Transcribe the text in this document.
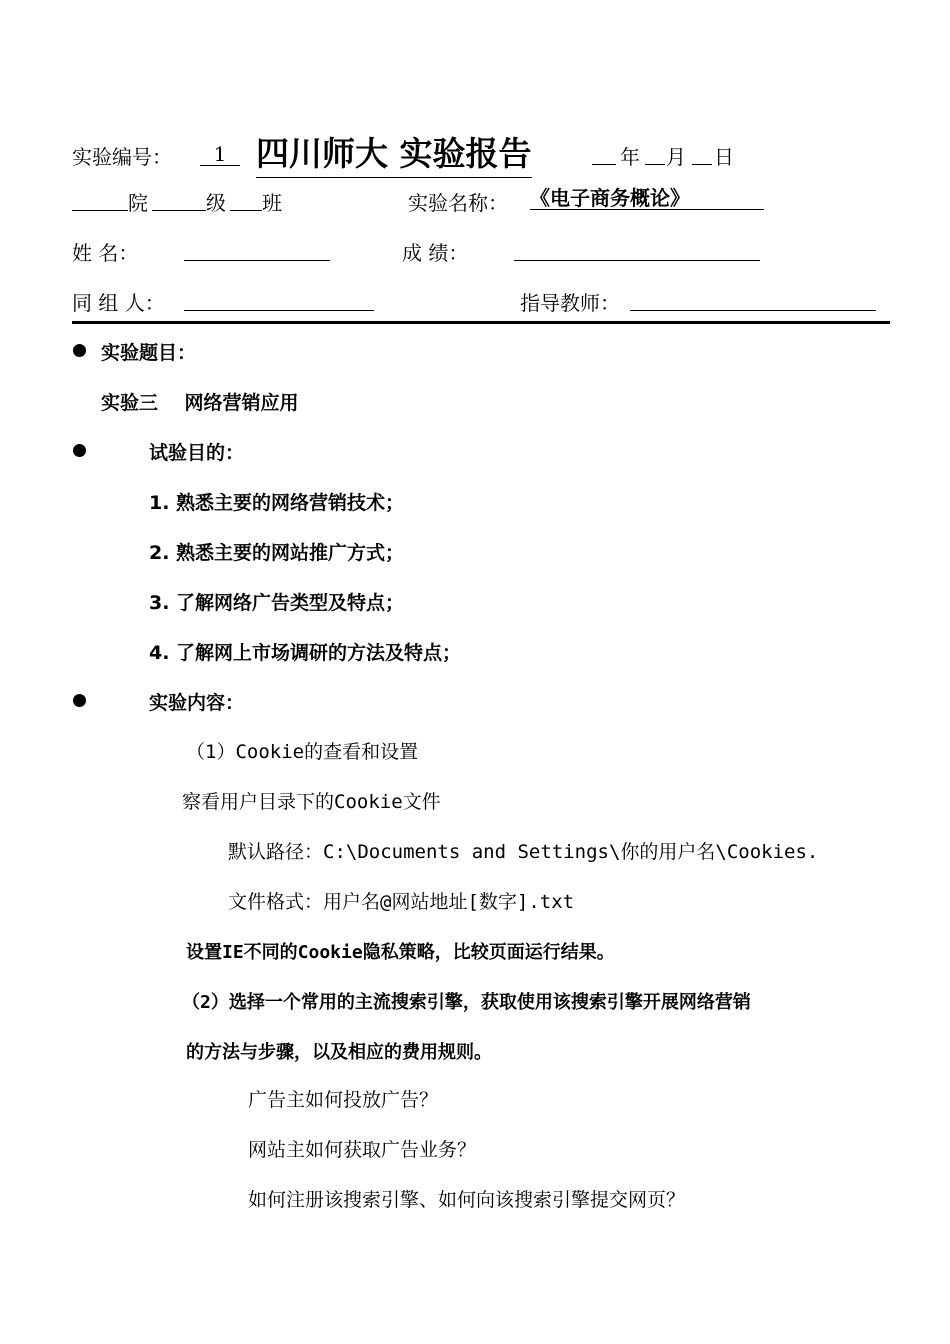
实验编号：	1 四川师大 实验报告	年 月 日
院	级 班	实验名称： 《电子商务概论》
姓 名：	成 绩：
同 组 人：	指导教师：
实验题目：
实验三    网络营销应用
试验目的：
1. 熟悉主要的网络营销技术；
2. 熟悉主要的网站推广方式；
3. 了解网络广告类型及特点；
4. 了解网上市场调研的方法及特点；
实验内容：
（1）Cookie的查看和设置
察看用户目录下的Cookie文件
默认路径：C:\Documents and Settings\你的用户名\Cookies.
文件格式：用户名@网站地址[数字].txt
设置IE不同的Cookie隐私策略，比较页面运行结果。
（2）选择一个常用的主流搜索引擎，获取使用该搜索引擎开展网络营销
的方法与步骤，以及相应的费用规则。
广告主如何投放广告？
网站主如何获取广告业务？
如何注册该搜索引擎、如何向该搜索引擎提交网页？
